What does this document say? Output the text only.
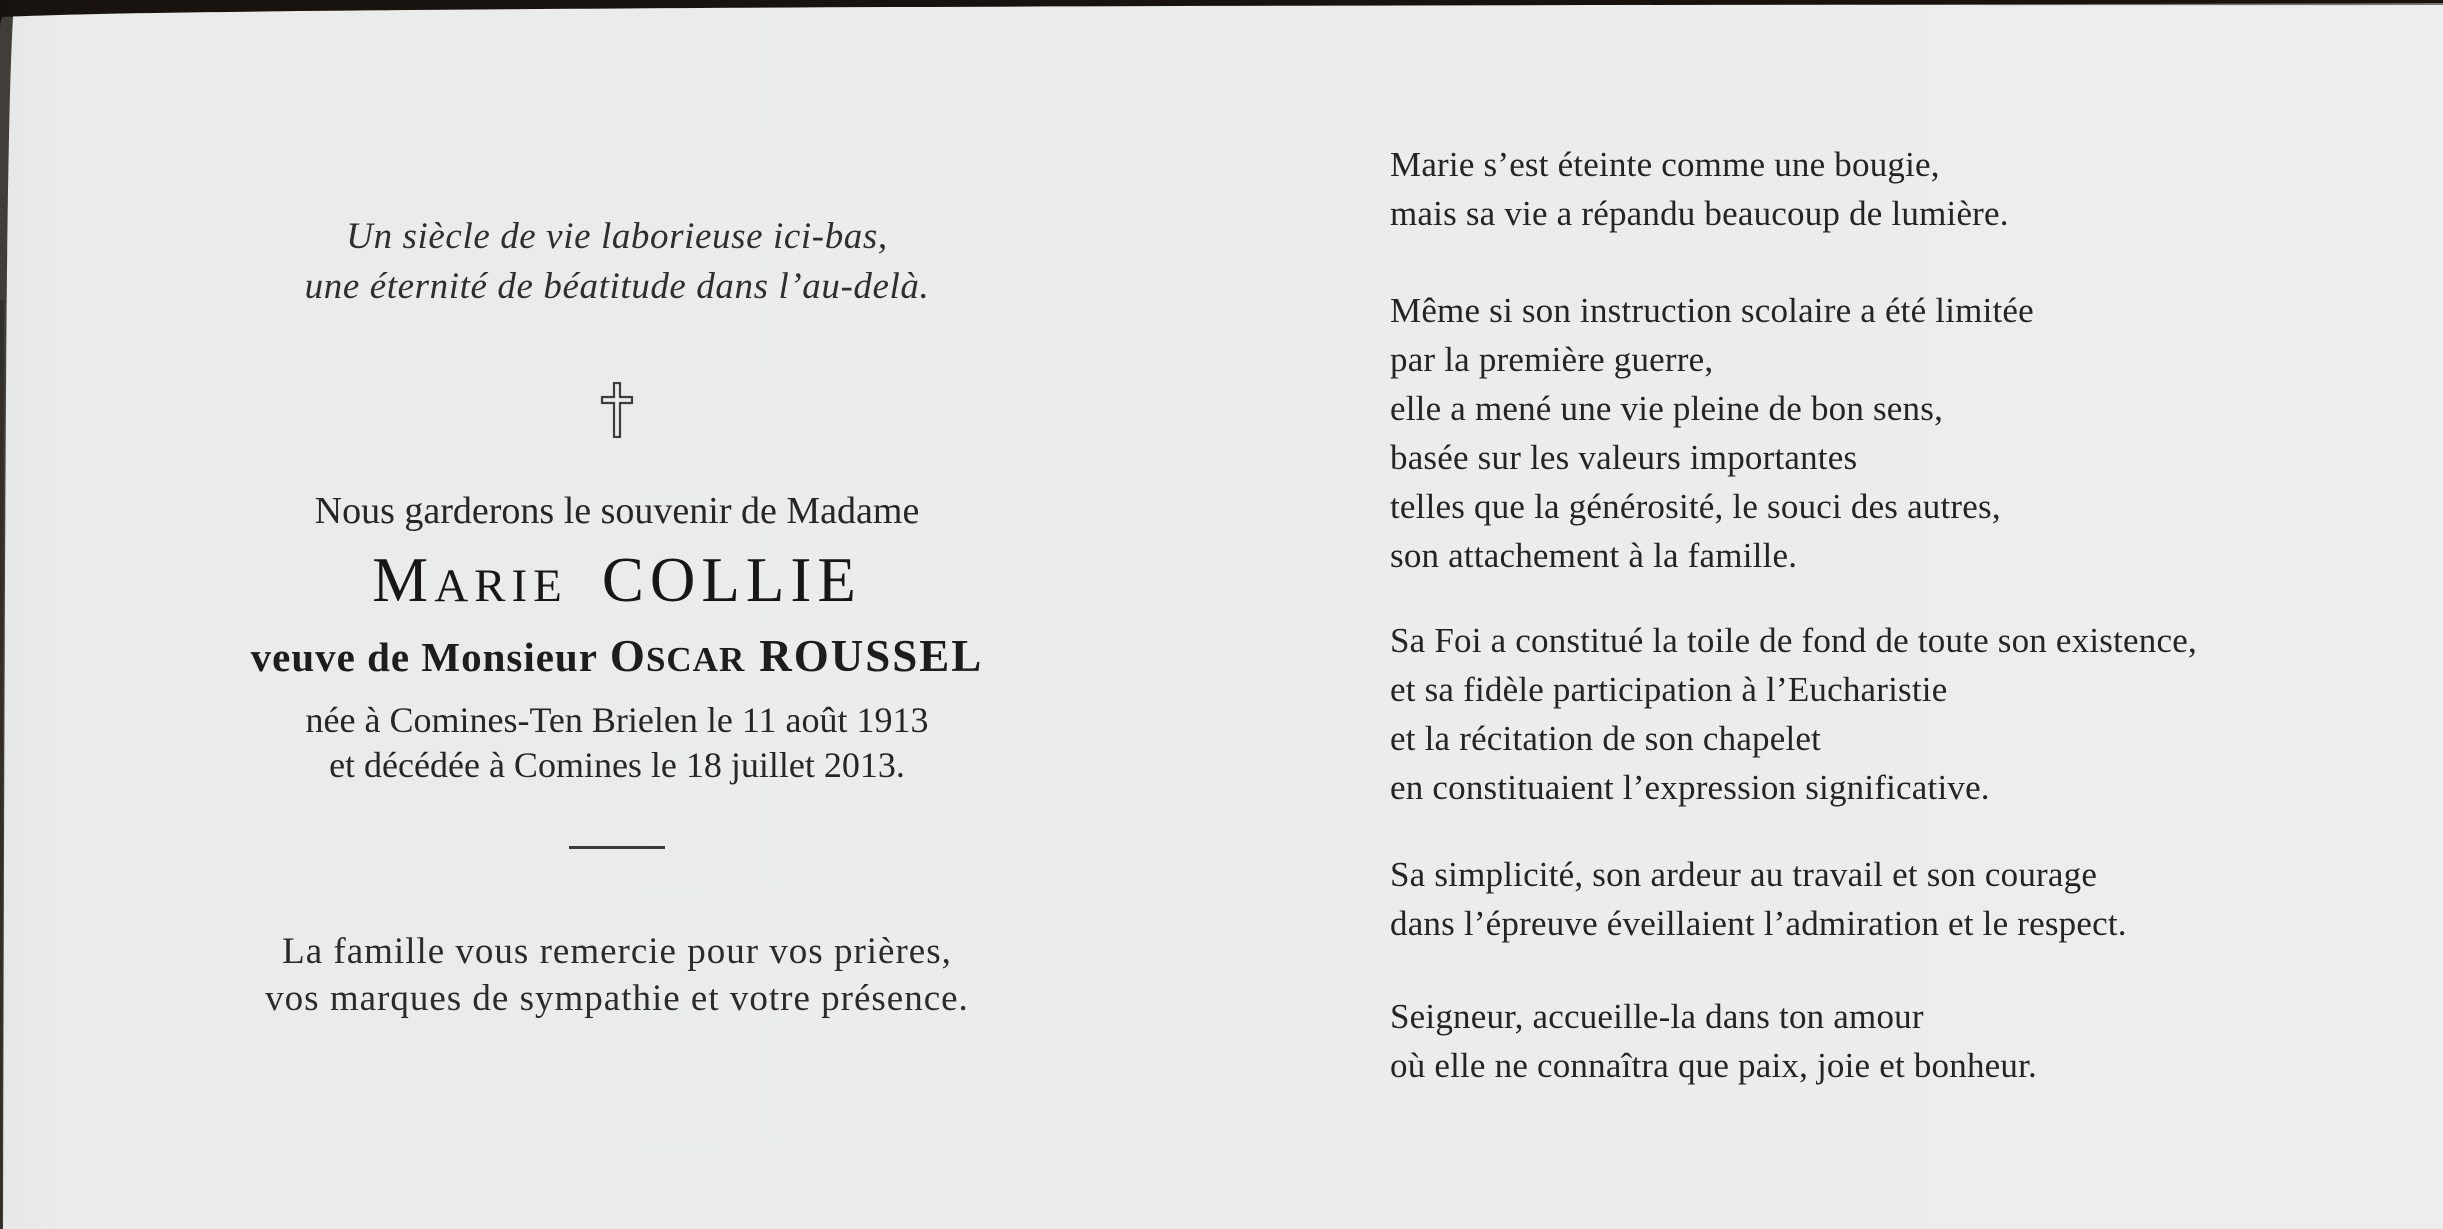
Un siècle de vie laborieuse ici-bas,
une éternité de béatitude dans l’au-delà.
Nous garderons le souvenir de Madame
MARIE COLLIE
veuve de Monsieur OSCAR ROUSSEL
née à Comines-Ten Brielen le 11 août 1913
et décédée à Comines le 18 juillet 2013.
La famille vous remercie pour vos prières,
vos marques de sympathie et votre présence.
Marie s’est éteinte comme une bougie,
mais sa vie a répandu beaucoup de lumière.
Même si son instruction scolaire a été limitée
par la première guerre,
elle a mené une vie pleine de bon sens,
basée sur les valeurs importantes
telles que la générosité, le souci des autres,
son attachement à la famille.
Sa Foi a constitué la toile de fond de toute son existence,
et sa fidèle participation à l’Eucharistie
et la récitation de son chapelet
en constituaient l’expression significative.
Sa simplicité, son ardeur au travail et son courage
dans l’épreuve éveillaient l’admiration et le respect.
Seigneur, accueille-la dans ton amour
où elle ne connaîtra que paix, joie et bonheur.
